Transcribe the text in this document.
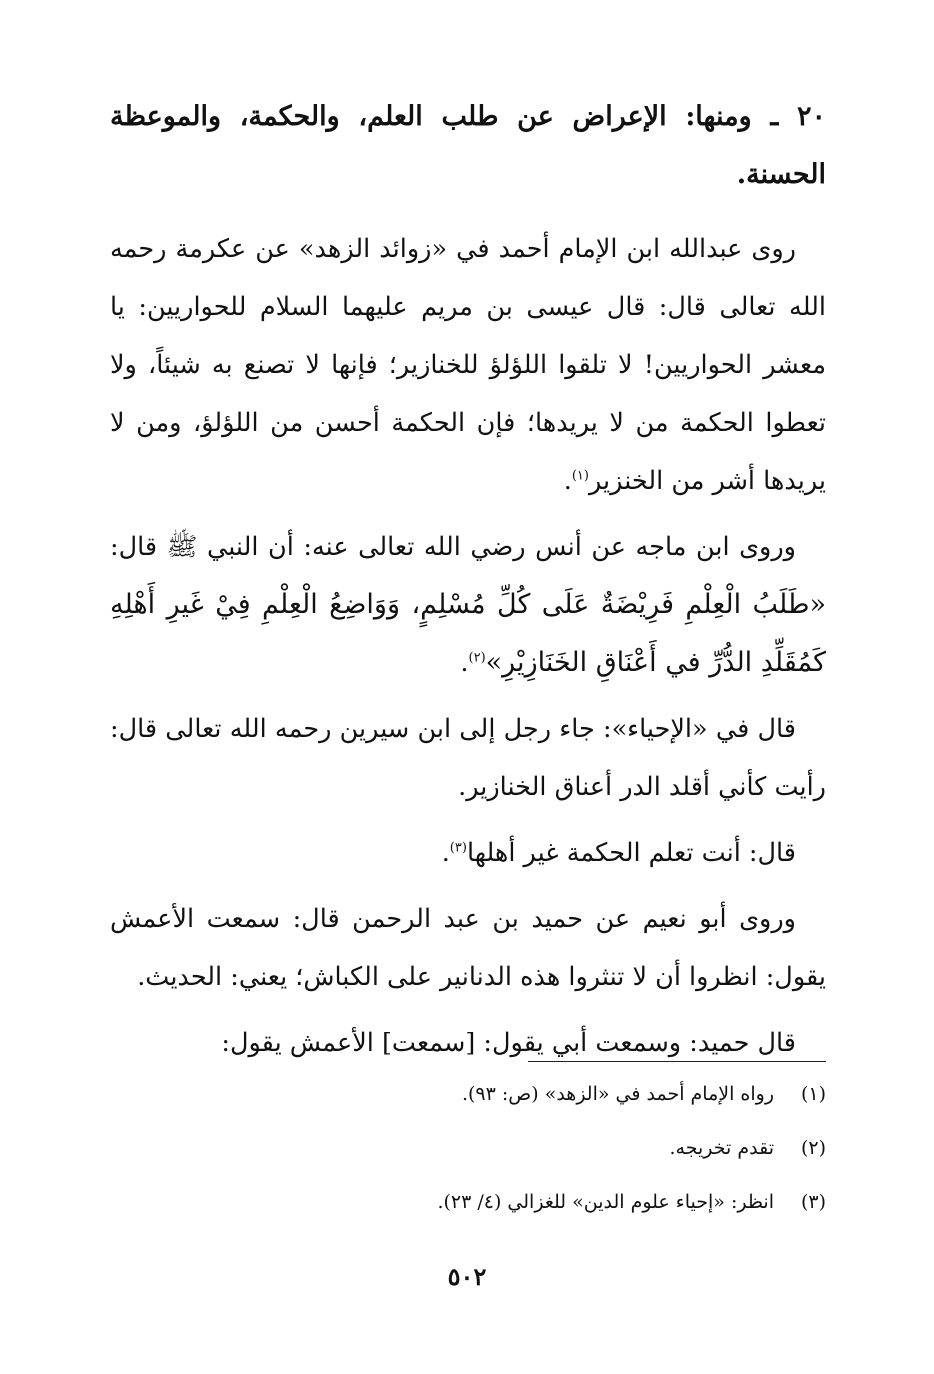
٢٠ ـ ومنها: الإعراض عن طلب العلم، والحكمة، والموعظة الحسنة.

روى عبدالله ابن الإمام أحمد في «زوائد الزهد» عن عكرمة رحمه الله تعالى قال: قال عيسى بن مريم عليهما السلام للحواريين: يا معشر الحواريين! لا تلقوا اللؤلؤ للخنازير؛ فإنها لا تصنع به شيئاً، ولا تعطوا الحكمة من لا يريدها؛ فإن الحكمة أحسن من اللؤلؤ، ومن لا يريدها أشر من الخنزير$^{(١)}$.

وروى ابن ماجه عن أنس رضي الله تعالى عنه: أن النبي ﷺ قال: «طَلَبُ الْعِلْمِ فَرِيْضَةٌ عَلَى كُلِّ مُسْلِمٍ، وَوَاضِعُ الْعِلْمِ فِيْ غَيرِ أَهْلِهِ كَمُقَلِّدِ الدُّرِّ في أَعْنَاقِ الخَنَازِيْرِ»$^{(٢)}$.

قال في «الإحياء»: جاء رجل إلى ابن سيرين رحمه الله تعالى قال: رأيت كأني أقلد الدر أعناق الخنازير.

قال: أنت تعلم الحكمة غير أهلها$^{(٣)}$.

وروى أبو نعيم عن حميد بن عبد الرحمن قال: سمعت الأعمش يقول: انظروا أن لا تنثروا هذه الدنانير على الكباش؛ يعني: الحديث.

قال حميد: وسمعت أبي يقول: [سمعت] الأعمش يقول:

(١)
رواه الإمام أحمد في «الزهد» (ص: ٩٣).
(٢)
تقدم تخريجه.
(٣)
انظر: «إحياء علوم الدين» للغزالي (٤/ ٢٣).
٥٠٢
